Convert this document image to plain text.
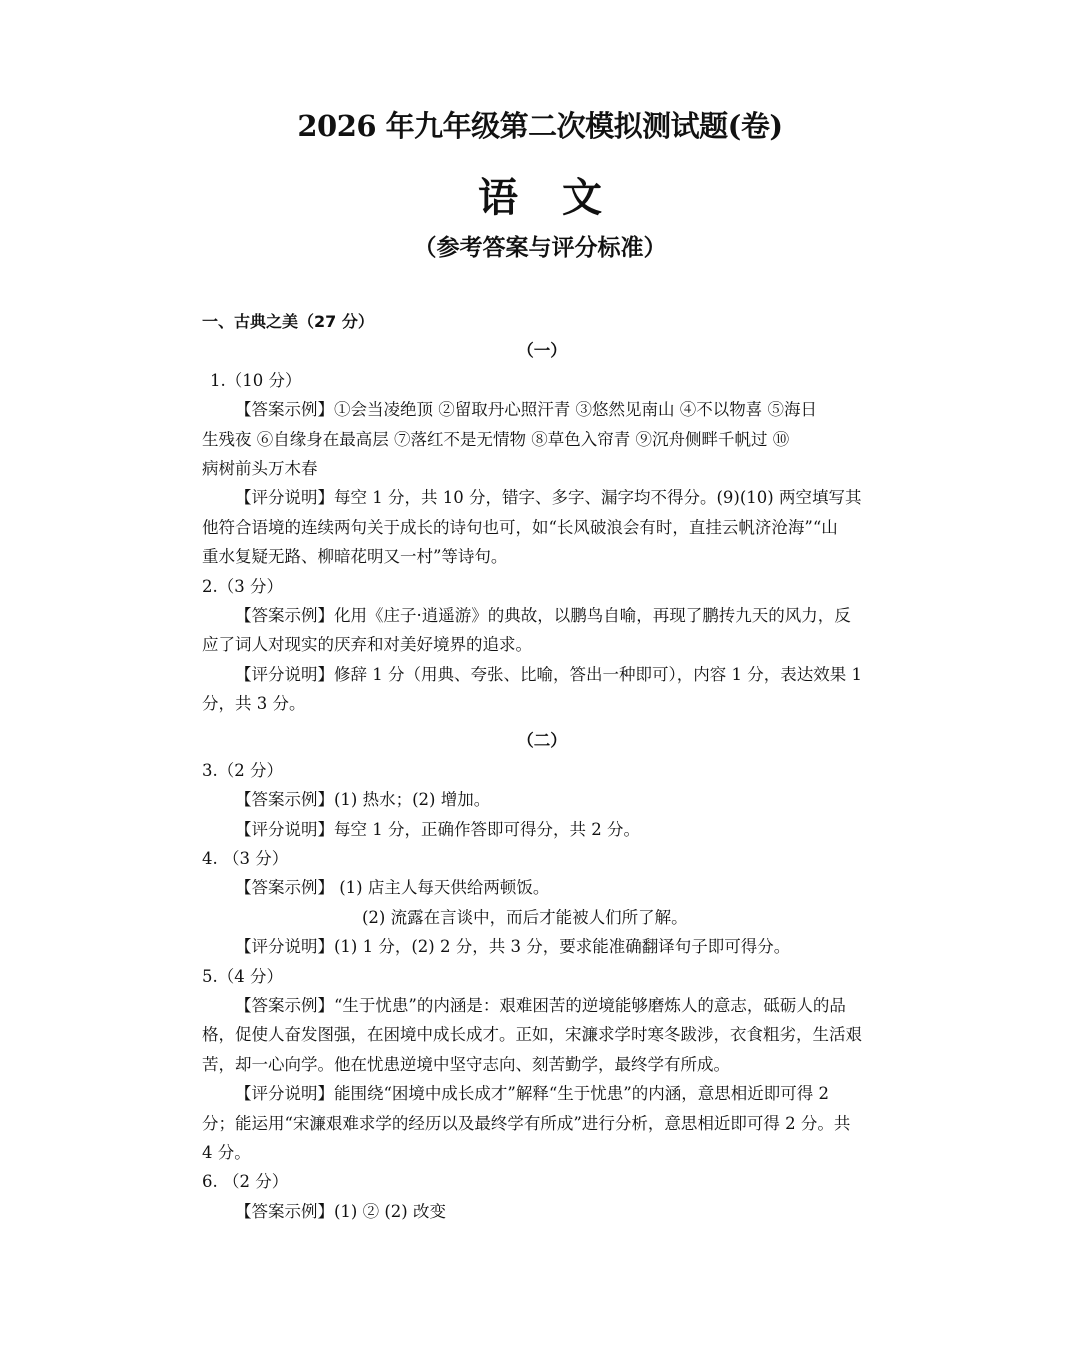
2026 年九年级第二次模拟测试题(卷)
语 文
（参考答案与评分标准）
一、古典之美（27 分）
（一）
1.（10 分）
【答案示例】①会当凌绝顶 ②留取丹心照汗青 ③悠然见南山 ④不以物喜 ⑤海日
生残夜 ⑥自缘身在最高层 ⑦落红不是无情物 ⑧草色入帘青 ⑨沉舟侧畔千帆过 ⑩
病树前头万木春
【评分说明】每空 1 分，共 10 分，错字、多字、漏字均不得分。(9)(10) 两空填写其
他符合语境的连续两句关于成长的诗句也可，如“长风破浪会有时，直挂云帆济沧海”“山
重水复疑无路、柳暗花明又一村”等诗句。
2.（3 分）
【答案示例】化用《庄子·逍遥游》的典故，以鹏鸟自喻，再现了鹏抟九天的风力，反
应了词人对现实的厌弃和对美好境界的追求。
【评分说明】修辞 1 分（用典、夸张、比喻，答出一种即可），内容 1 分，表达效果 1
分，共 3 分。
（二）
3.（2 分）
【答案示例】(1) 热水；(2) 增加。
【评分说明】每空 1 分，正确作答即可得分，共 2 分。
4. （3 分）
【答案示例】 (1) 店主人每天供给两顿饭。
(2) 流露在言谈中，而后才能被人们所了解。
【评分说明】(1) 1 分，(2) 2 分，共 3 分，要求能准确翻译句子即可得分。
5.（4 分）
【答案示例】“生于忧患”的内涵是：艰难困苦的逆境能够磨炼人的意志，砥砺人的品
格，促使人奋发图强，在困境中成长成才。正如，宋濂求学时寒冬跋涉，衣食粗劣，生活艰
苦，却一心向学。他在忧患逆境中坚守志向、刻苦勤学，最终学有所成。
【评分说明】能围绕“困境中成长成才”解释“生于忧患”的内涵，意思相近即可得 2
分；能运用“宋濂艰难求学的经历以及最终学有所成”进行分析，意思相近即可得 2 分。共
4 分。
6. （2 分）
【答案示例】(1) ② (2) 改变
